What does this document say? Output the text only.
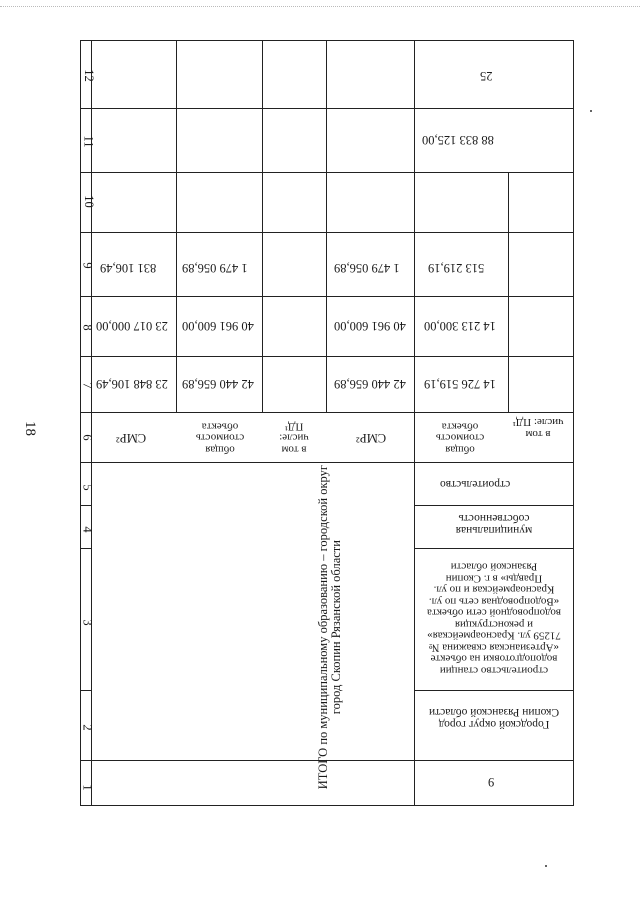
18
12
11
10
9
8
7
6
5
4
3
2
1
831 106,49
23 017 000,00
23 848 106,49
СМР²
1 479 056,89
40 961 600,00
42 440 656,89
общая стоимость объекта
в том числе: ПД¹
1 479 056,89
40 961 600,00
42 440 656,89
СМР²
ИТОГО по муниципальному образованию – городской округ город Скопин Рязанской области
25
88 833 125,00
513 219,19
14 213 300,00
14 726 519,19
общая стоимость объекта
в том числе: ПД¹
строительство
муниципальная собственность
строительство станции водоподготовки на объекте «Артезианская скважина № 71259 ул. Красноармейская» и реконструкция водопроводной сети объекта «Водопроводная сеть по ул. Красноармейская и по ул. Правды» в г. Скопин Рязанской области
Городской округ город Скопин Рязанской области
9
